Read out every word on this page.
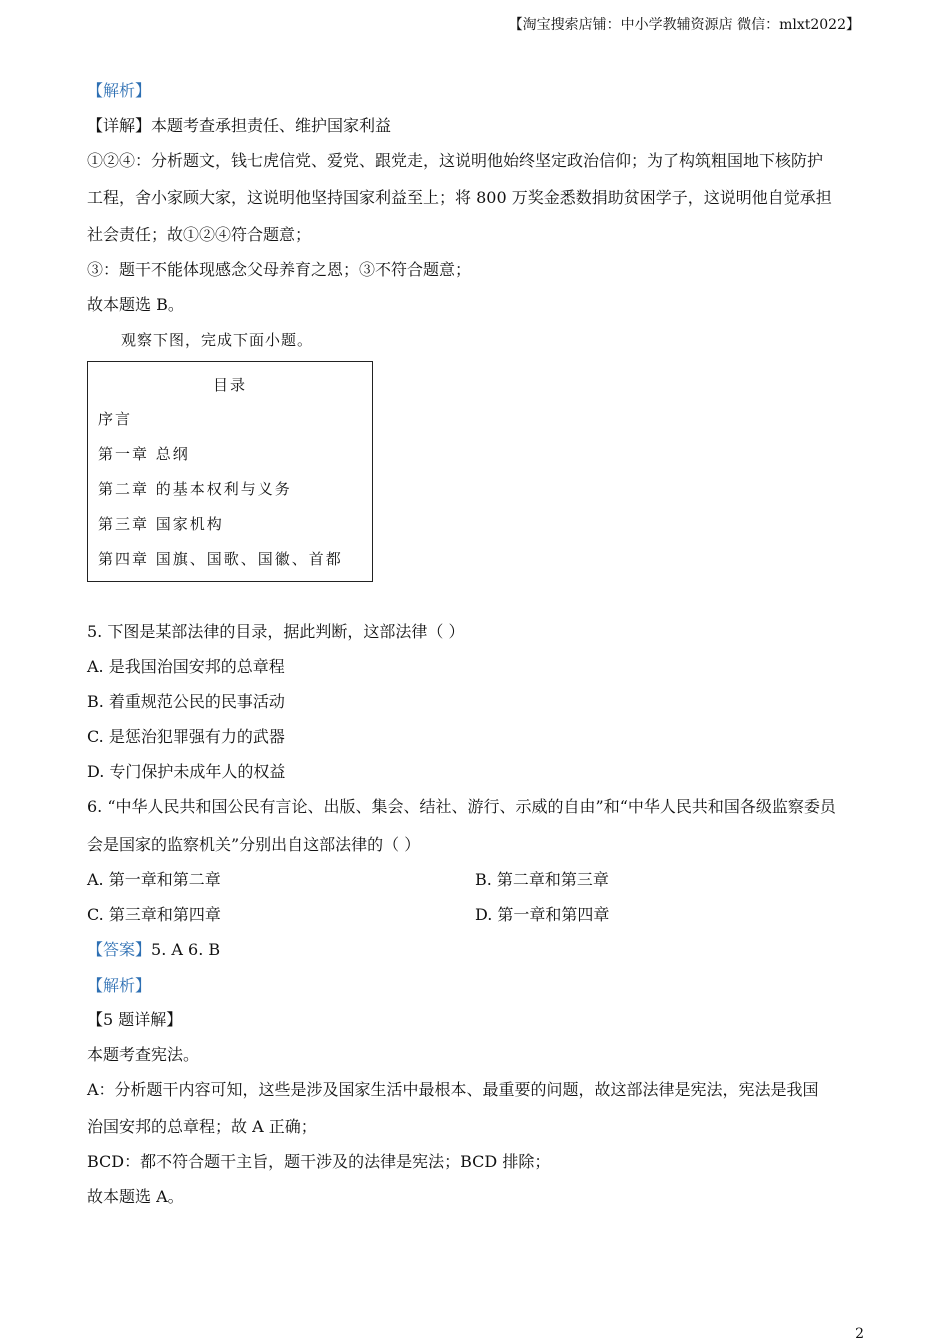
【淘宝搜索店铺：中小学教辅资源店 微信：mlxt2022】
【解析】
【详解】本题考查承担责任、维护国家利益
①②④：分析题文，钱七虎信党、爱党、跟党走，这说明他始终坚定政治信仰；为了构筑粗国地下核防护
工程，舍小家顾大家，这说明他坚持国家利益至上；将 800 万奖金悉数捐助贫困学子，这说明他自觉承担
社会责任；故①②④符合题意；
③：题干不能体现感念父母养育之恩；③不符合题意；
故本题选 B。
观察下图，完成下面小题。
目录
序言
第一章 总纲
第二章 的基本权利与义务
第三章 国家机构
第四章 国旗、国歌、国徽、首都
5. 下图是某部法律的目录，据此判断，这部法律（ ）
A. 是我国治国安邦的总章程
B. 着重规范公民的民事活动
C. 是惩治犯罪强有力的武器
D. 专门保护未成年人的权益
6. “中华人民共和国公民有言论、出版、集会、结社、游行、示威的自由”和“中华人民共和国各级监察委员
会是国家的监察机关”分别出自这部法律的（ ）
A. 第一章和第二章	B. 第二章和第三章
C. 第三章和第四章	D. 第一章和第四章
【答案】5. A 6. B
【解析】
【5 题详解】
本题考查宪法。
A：分析题干内容可知，这些是涉及国家生活中最根本、最重要的问题，故这部法律是宪法，宪法是我国
治国安邦的总章程；故 A 正确；
BCD：都不符合题干主旨，题干涉及的法律是宪法；BCD 排除；
故本题选 A。
2
